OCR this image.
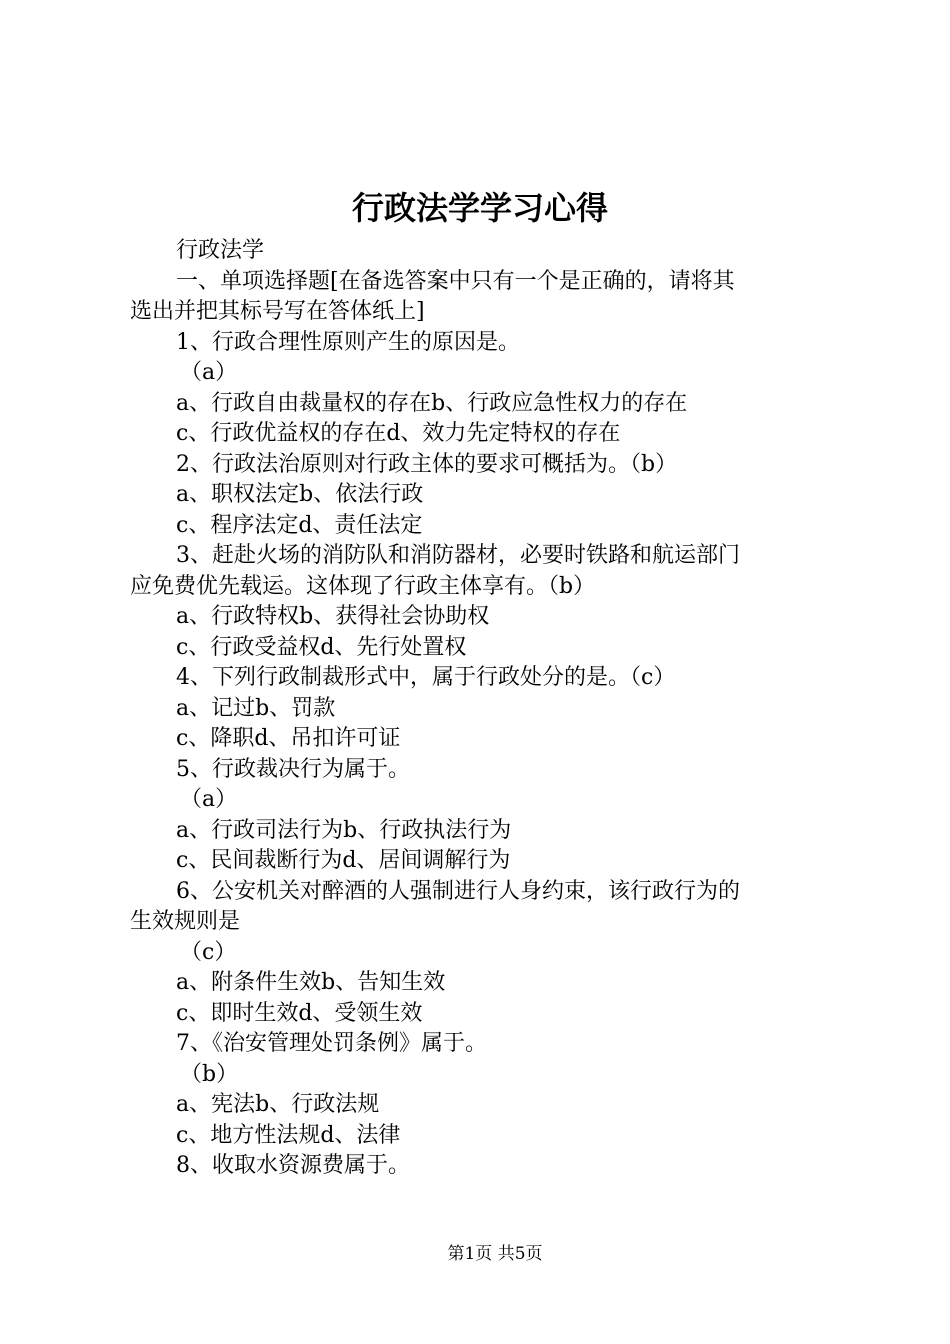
行政法学学习心得

行政法学

一、单项选择题[在备选答案中只有一个是正确的，请将其

选出并把其标号写在答体纸上]

1、行政合理性原则产生的原因是。

（a）

a、行政自由裁量权的存在b、行政应急性权力的存在

c、行政优益权的存在d、效力先定特权的存在

2、行政法治原则对行政主体的要求可概括为。（b）

a、职权法定b、依法行政

c、程序法定d、责任法定

3、赶赴火场的消防队和消防器材，必要时铁路和航运部门

应免费优先载运。这体现了行政主体享有。（b）

a、行政特权b、获得社会协助权

c、行政受益权d、先行处置权

4、下列行政制裁形式中，属于行政处分的是。（c）

a、记过b、罚款

c、降职d、吊扣许可证

5、行政裁决行为属于。

（a）

a、行政司法行为b、行政执法行为

c、民间裁断行为d、居间调解行为

6、公安机关对醉酒的人强制进行人身约束，该行政行为的

生效规则是

（c）

a、附条件生效b、告知生效

c、即时生效d、受领生效

7、《治安管理处罚条例》属于。

（b）

a、宪法b、行政法规

c、地方性法规d、法律

8、收取水资源费属于。

第1页 共5页
